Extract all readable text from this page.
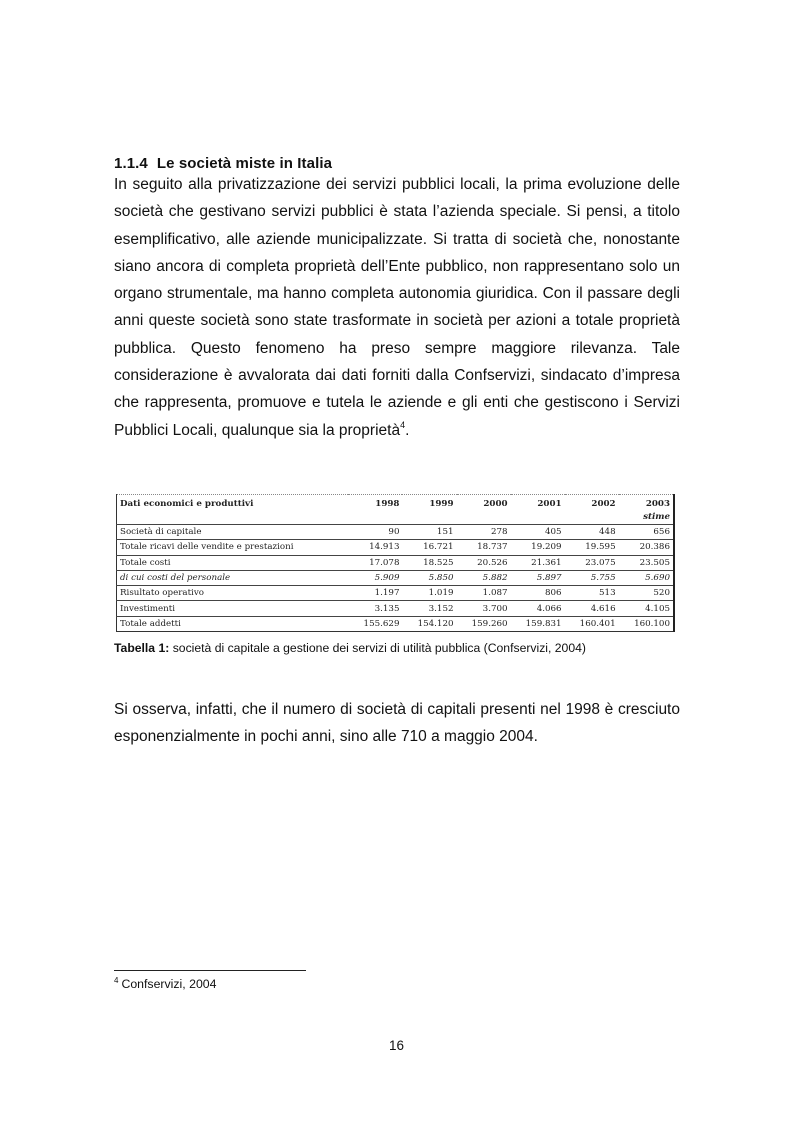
1.1.4 Le società miste in Italia

In seguito alla privatizzazione dei servizi pubblici locali, la prima evoluzione delle società che gestivano servizi pubblici è stata l’azienda speciale. Si pensi, a titolo esemplificativo, alle aziende municipalizzate. Si tratta di società che, nonostante siano ancora di completa proprietà dell’Ente pubblico, non rappresentano solo un organo strumentale, ma hanno completa autonomia giuridica. Con il passare degli anni queste società sono state trasformate in società per azioni a totale proprietà pubblica. Questo fenomeno ha preso sempre maggiore rilevanza. Tale considerazione è avvalorata dai dati forniti dalla Confservizi, sindacato d’impresa che rappresenta, promuove e tutela le aziende e gli enti che gestiscono i Servizi Pubblici Locali, qualunque sia la proprietà$^4$.

Dati economici e produttivi	1998	1999	2000	2001	2002	2003
						stime
Società di capitale	90	151	278	405	448	656
Totale ricavi delle vendite e prestazioni	14.913	16.721	18.737	19.209	19.595	20.386
Totale costi	17.078	18.525	20.526	21.361	23.075	23.505
di cui costi del personale	5.909	5.850	5.882	5.897	5.755	5.690
Risultato operativo	1.197	1.019	1.087	806	513	520
Investimenti	3.135	3.152	3.700	4.066	4.616	4.105
Totale addetti	155.629	154.120	159.260	159.831	160.401	160.100
Tabella 1: società di capitale a gestione dei servizi di utilità pubblica (Confservizi, 2004)

Si osserva, infatti, che il numero di società di capitali presenti nel 1998 è cresciuto esponenzialmente in pochi anni, sino alle 710 a maggio 2004.

$^4$ Confservizi, 2004
16
